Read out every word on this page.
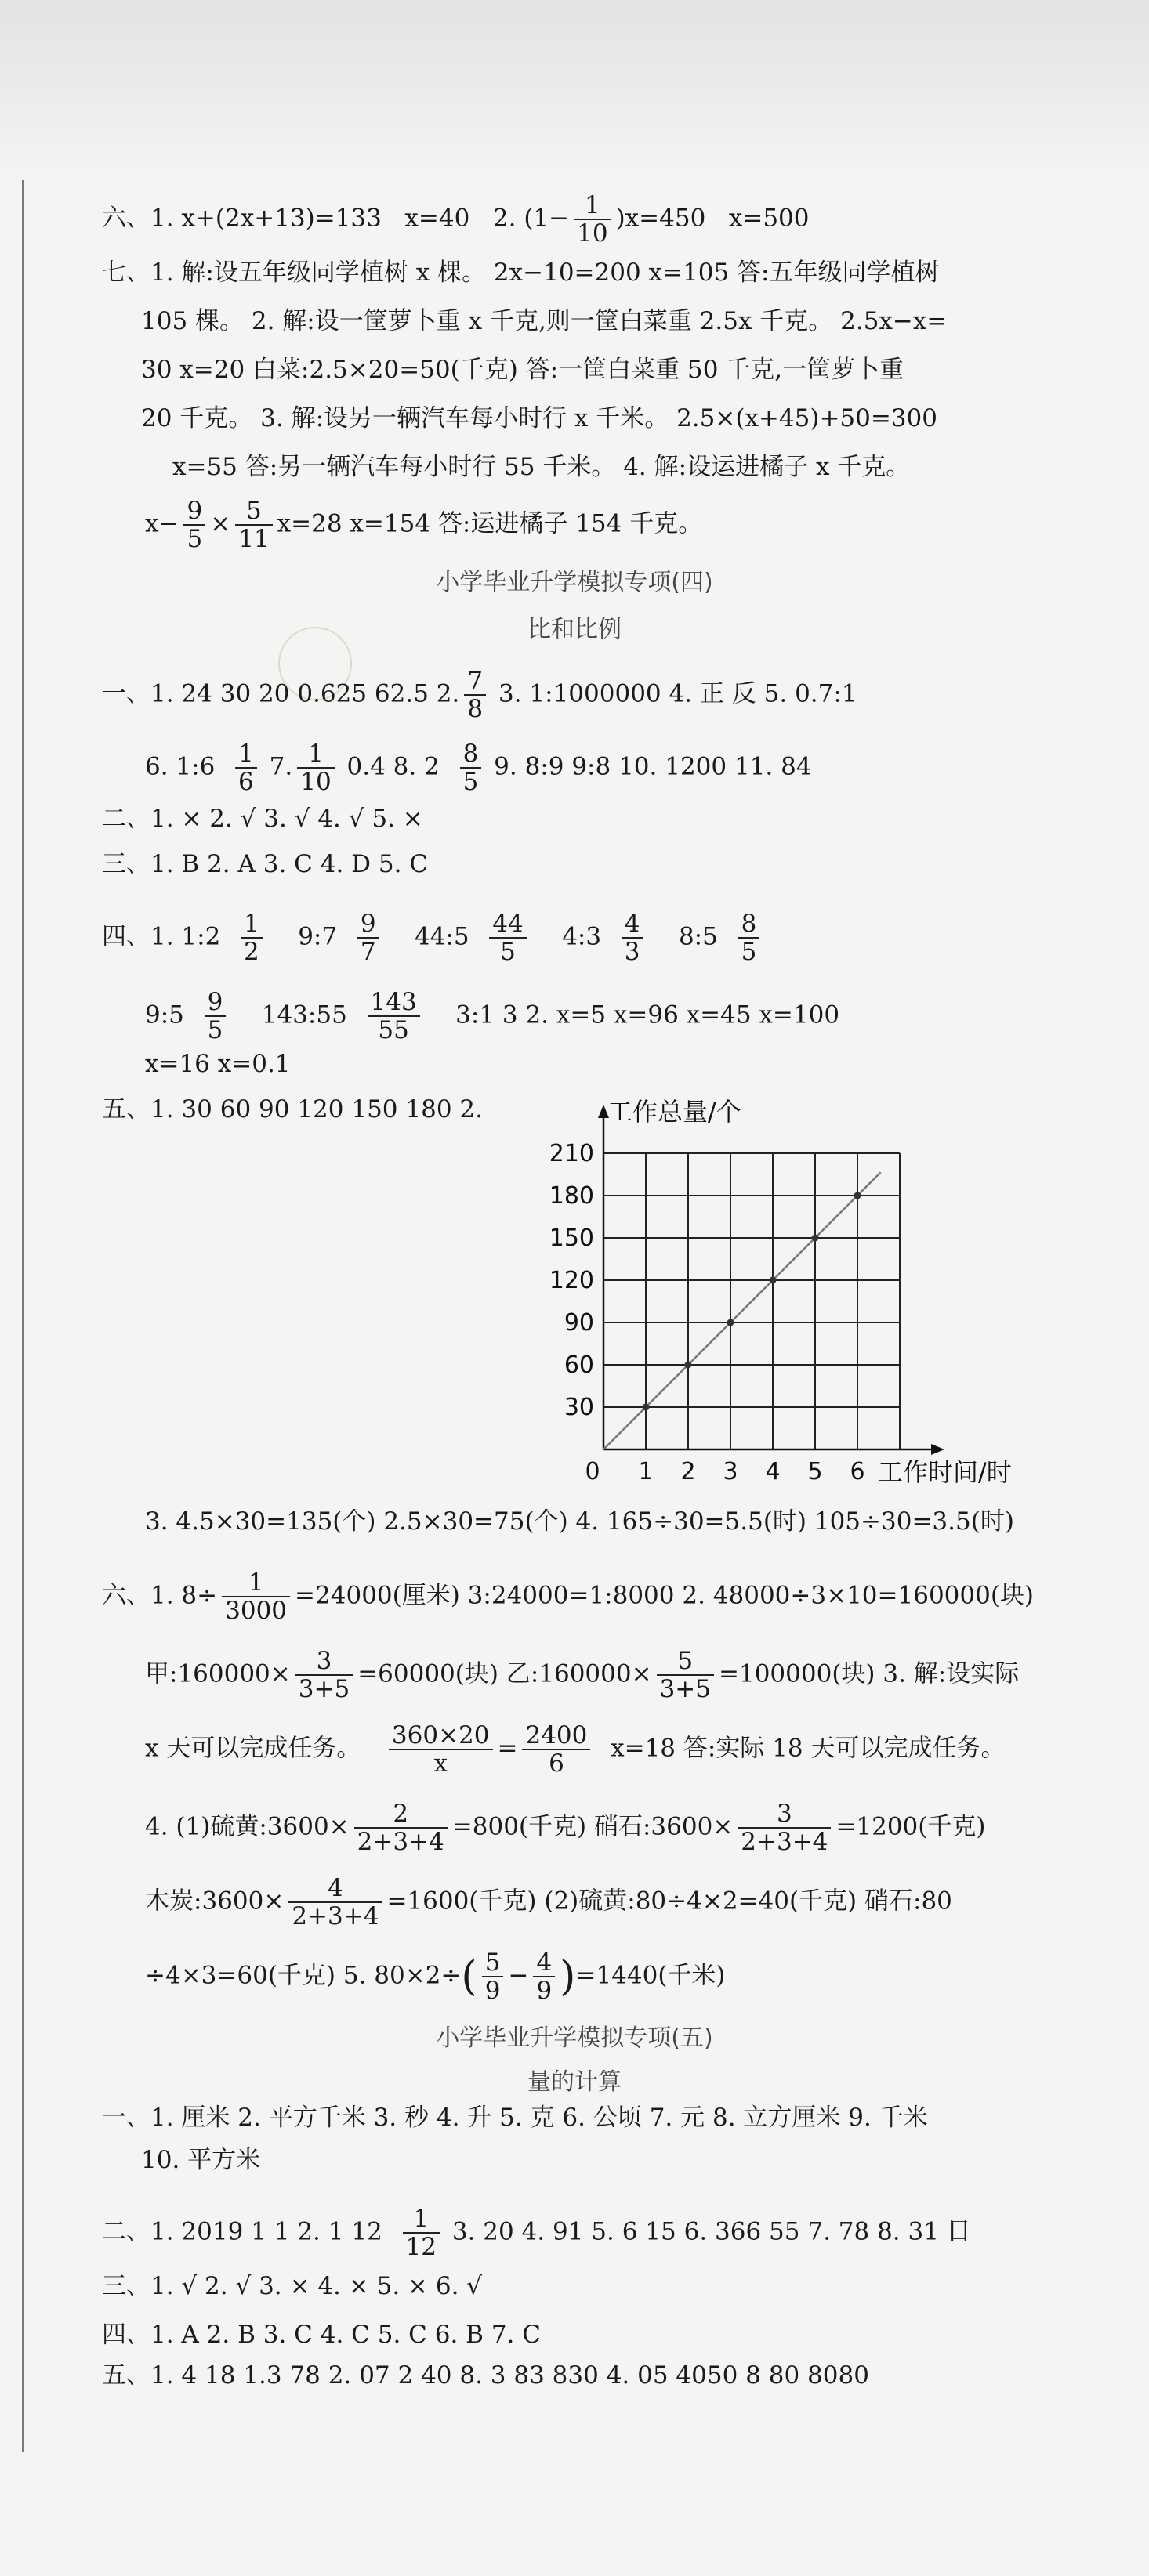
六、1. x+(2x+13)=133 x=40 2. $(1- \frac{1}{10} )x=450$ x=500
七、1. 解:设五年级同学植树 x 棵。 2x−10=200 x=105 答:五年级同学植树
105 棵。 2. 解:设一筐萝卜重 x 千克,则一筐白菜重 2.5x 千克。 2.5x−x=
30 x=20 白菜:2.5×20=50(千克) 答:一筐白菜重 50 千克,一筐萝卜重
20 千克。 3. 解:设另一辆汽车每小时行 x 千米。 2.5×(x+45)+50=300
x=55 答:另一辆汽车每小时行 55 千米。 4. 解:设运进橘子 x 千克。
$x- \frac{9}{5} \times \frac{5}{11} x=28$ x=154 答:运进橘子 154 千克。
小学毕业升学模拟专项(四)
比和比例
一、1. 24 30 20 0.625 62.5 2. $\frac{7}{8} 3$. 1:1000000 4. 正 反 5. 0.7:1
6. 1:6 $\frac{1}{6} 7$. $\frac{1}{10} 0.4$ 8. $2 \frac{8}{5} 9$. 8:9 9:8 10. 1200 11. 84
二、1. × 2. √ 3. √ 4. √ 5. ×
三、1. B 2. A 3. C 4. D 5. C
四、1. 1:2 $\frac{1}{2}$ 9:7 $\frac{9}{7}$ 44:5 $\frac{44}{5}$ 4:3 $\frac{4}{3}$ 8:5 $\frac{8}{5}$
9:5 $\frac{9}{5}$ 143:55 $\frac{143}{55}$ 3:1 3 2. x=5 x=96 x=45 x=100
x=16 x=0.1
五、1. 30 60 90 120 150 180 2.	工作总量/个
工作时间/时
30
60
90
120
150
180
210
0 1 2 3 4 5 6
3. 4.5×30=135(个) 2.5×30=75(个) 4. 165÷30=5.5(时) 105÷30=3.5(时)
六、1. $8\div \frac{1}{3000} =24000$(厘米) 3:24000=1:8000 2. 48000÷3×10=160000(块)
甲:160000× $\frac{3}{3+5} =60000$(块) 乙:160000× $\frac{5}{3+5} =100000$(块) 3. 解:设实际
x 天可以完成任务。 $\frac{360\times 20}{x} = \frac{2400}{6} x=18$ 答:实际 18 天可以完成任务。
4. (1)硫黄:3600× $\frac{2}{2+3+4} =800$(千克) 硝石:3600× $\frac{3}{2+3+4} =1200$(千克)
木炭:3600× $\frac{4}{2+3+4} =1600$(千克) (2)硫黄:80÷4×2=40(千克) 硝石:80
÷4×3=60(千克) 5. $80\times 2\div( \frac{5}{9} - \frac{4}{9} )=1440$(千米)
小学毕业升学模拟专项(五)
量的计算
一、1. 厘米 2. 平方千米 3. 秒 4. 升 5. 克 6. 公顷 7. 元 8. 立方厘米 9. 千米
10. 平方米
二、1. 2019 1 1 2. 1 $12 \frac{1}{12} 3$. 20 4. 91 5. 6 15 6. 366 55 7. 78 8. 31 日
三、1. √ 2. √ 3. × 4. × 5. × 6. √
四、1. A 2. B 3. C 4. C 5. C 6. B 7. C
五、1. 4 18 1.3 78 2. 07 2 40 8. 3 83 830 4. 05 4050 8 80 8080
